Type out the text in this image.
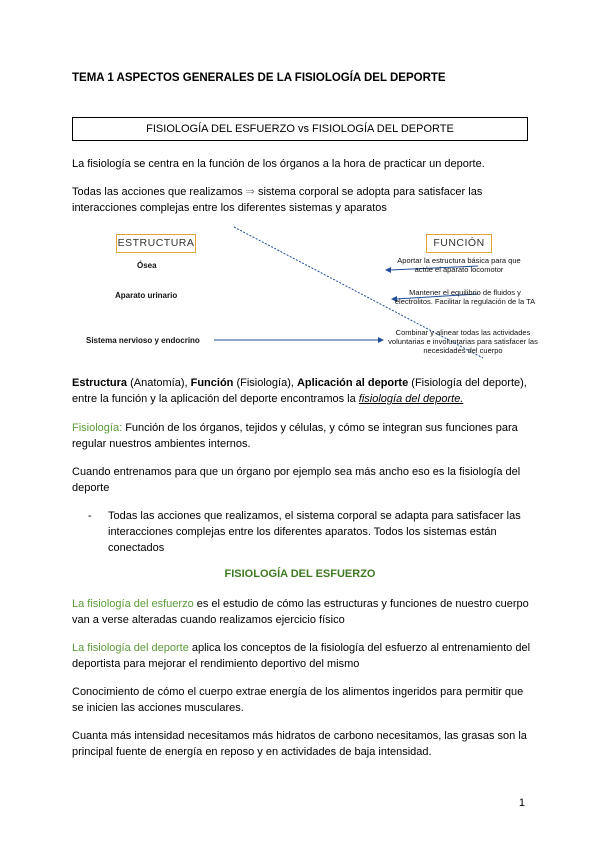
TEMA 1 ASPECTOS GENERALES DE LA FISIOLOGÍA DEL DEPORTE
FISIOLOGÍA DEL ESFUERZO vs FISIOLOGÍA DEL DEPORTE
La fisiología se centra en la función de los órganos a la hora de practicar un deporte.
Todas las acciones que realizamos ⇒ sistema corporal se adopta para satisfacer las interacciones complejas entre los diferentes sistemas y aparatos
ESTRUCTURA	FUNCIÓN
Ósea
Aparato urinario
Sistema nervioso y endocrino
Aportar la estructura básica para que actúe el aparato locomotor
Mantener el equilibrio de fluidos y electrolitos. Facilitar la regulación de la TA
Combinar y alinear todas las actividades voluntarias e involuntarias para satisfacer las necesidades del cuerpo
Estructura (Anatomía), Función (Fisiología), Aplicación al deporte (Fisiología del deporte), entre la función y la aplicación del deporte encontramos la fisiología del deporte.
Fisiología: Función de los órganos, tejidos y células, y cómo se integran sus funciones para regular nuestros ambientes internos.
Cuando entrenamos para que un órgano por ejemplo sea más ancho eso es la fisiología del deporte
- Todas las acciones que realizamos, el sistema corporal se adapta para satisfacer las interacciones complejas entre los diferentes aparatos. Todos los sistemas están conectados
FISIOLOGÍA DEL ESFUERZO
La fisiología del esfuerzo es el estudio de cómo las estructuras y funciones de nuestro cuerpo van a verse alteradas cuando realizamos ejercicio físico
La fisiología del deporte aplica los conceptos de la fisiología del esfuerzo al entrenamiento del deportista para mejorar el rendimiento deportivo del mismo
Conocimiento de cómo el cuerpo extrae energía de los alimentos ingeridos para permitir que se inicien las acciones musculares.
Cuanta más intensidad necesitamos más hidratos de carbono necesitamos, las grasas son la principal fuente de energía en reposo y en actividades de baja intensidad.
1
